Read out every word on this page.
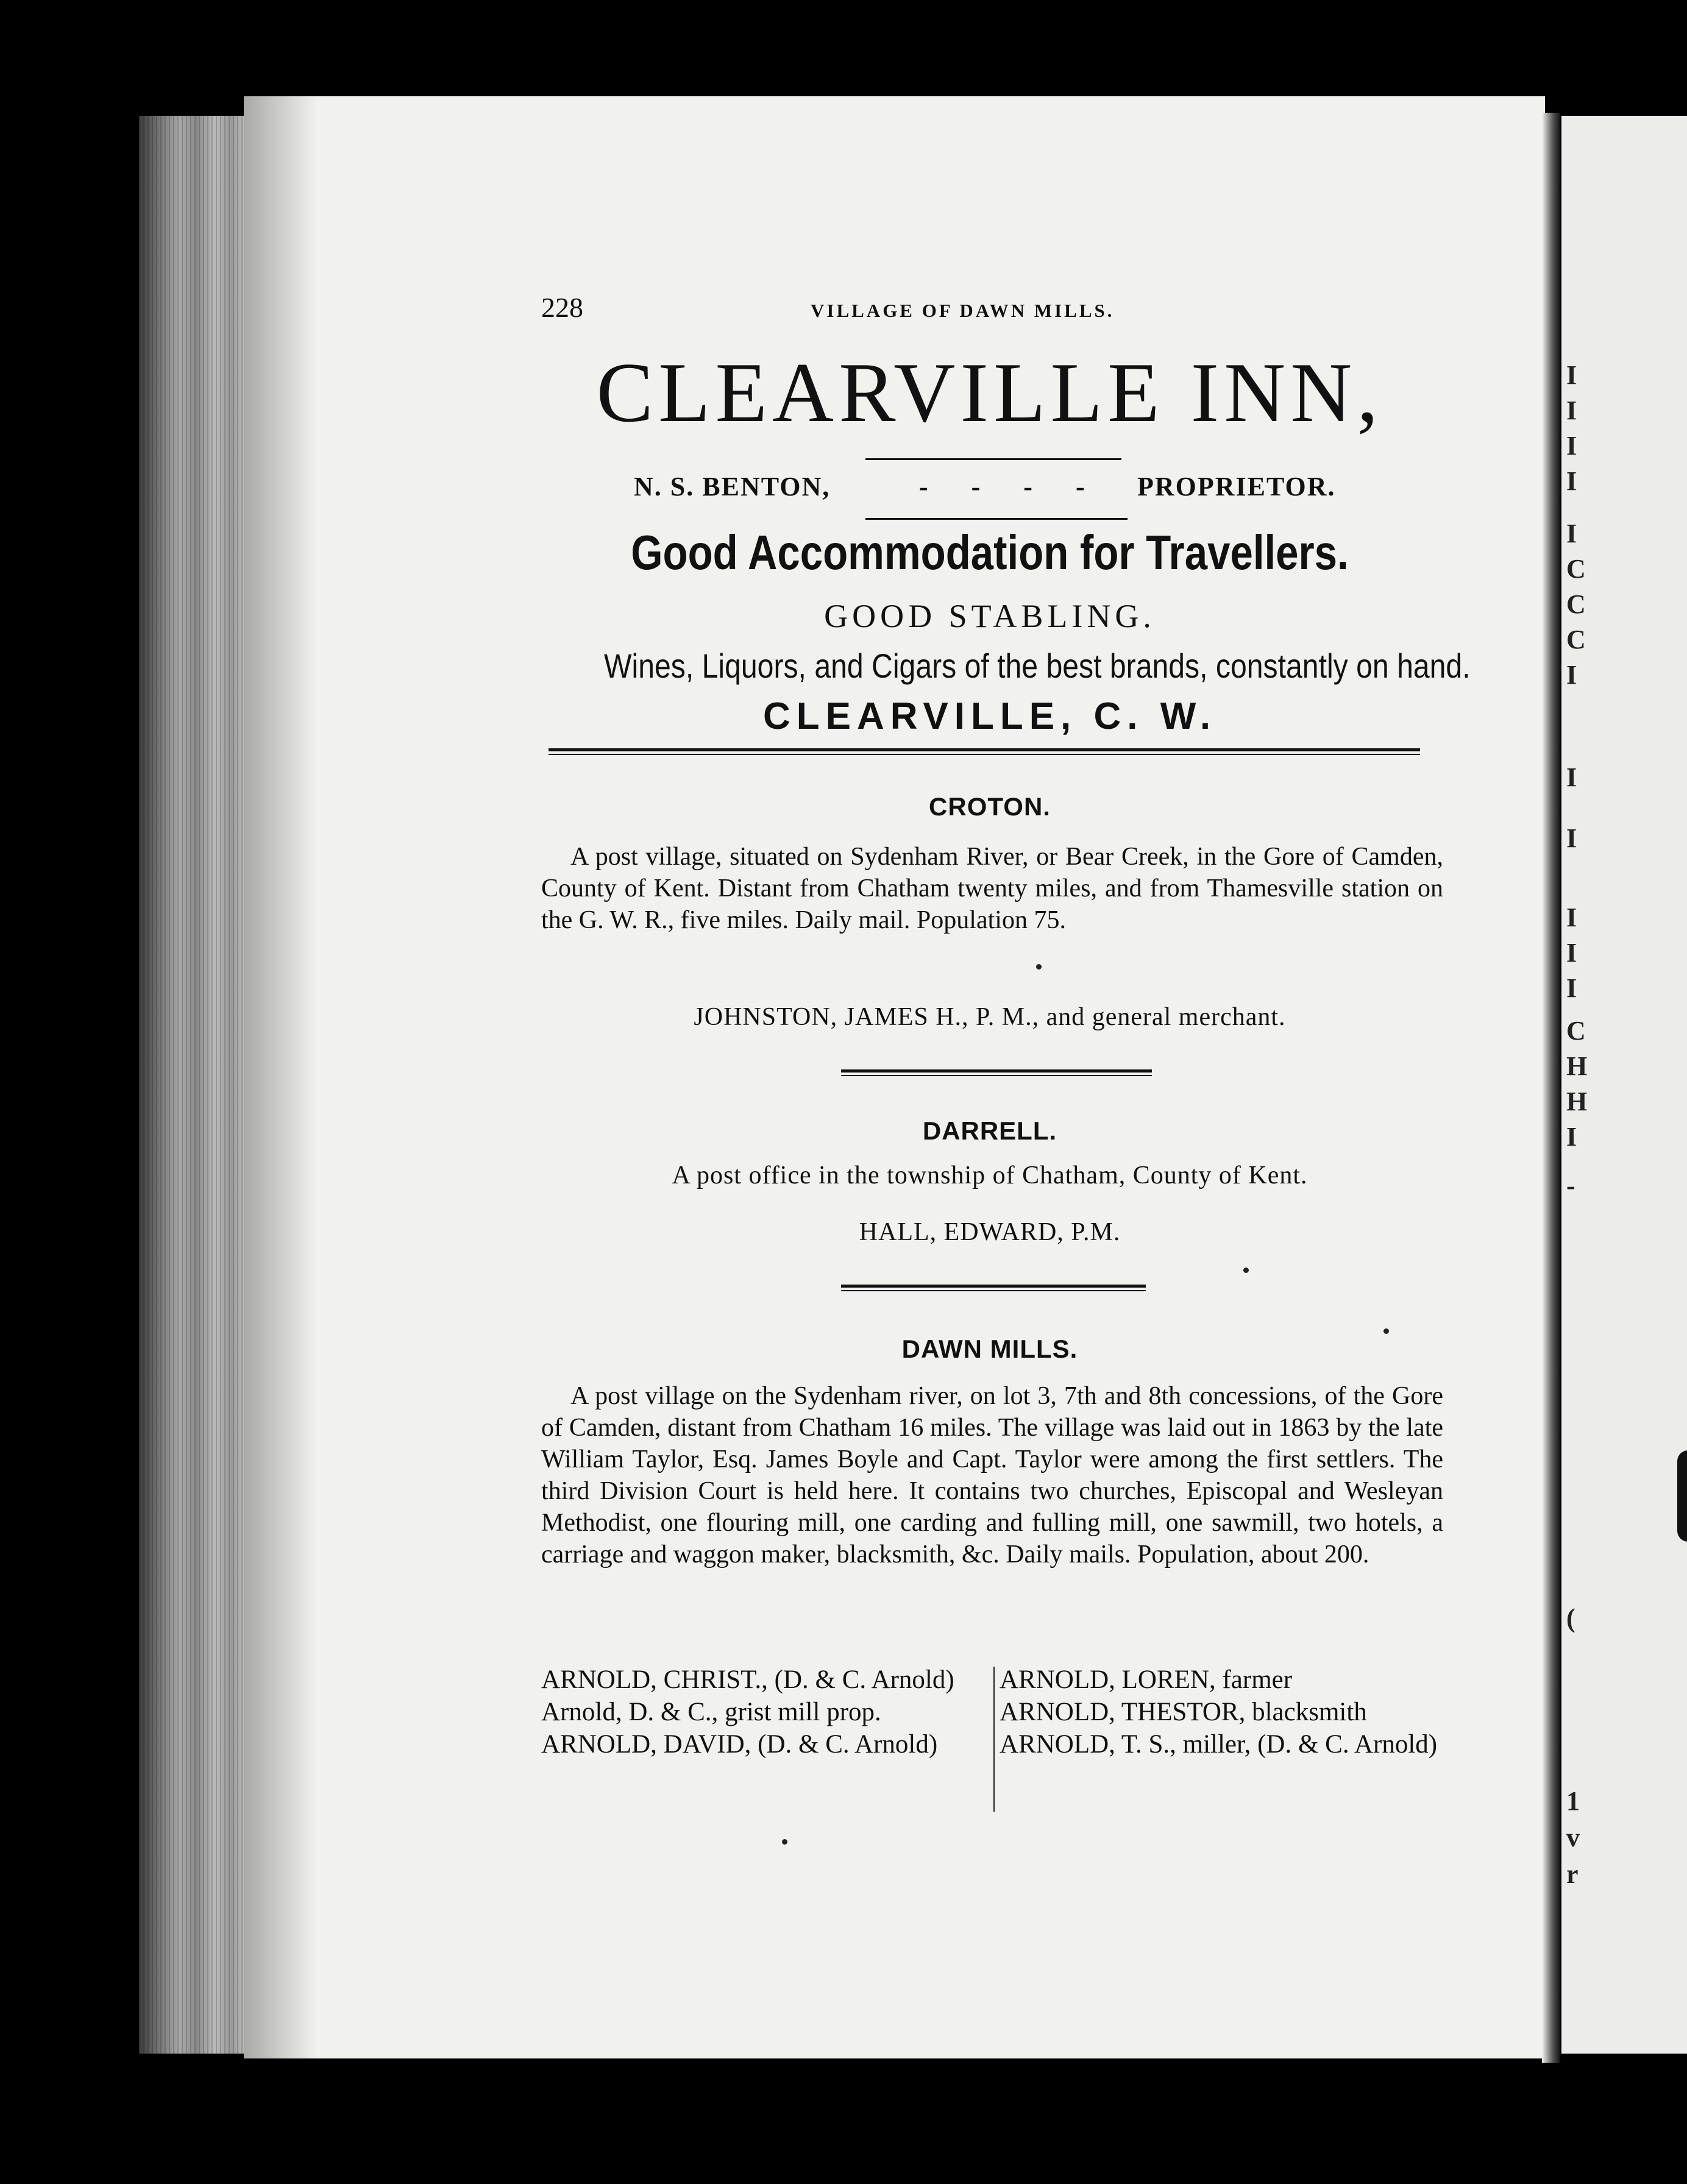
I
I
I
I
I
C
C
C
I
I
I
I
I
I
C
H
H
I
-
(
1
v
r
228	VILLAGE OF DAWN MILLS.
CLEARVILLE INN,
N. S. BENTON,	- - - - PROPRIETOR.
Good Accommodation for Travellers.
GOOD STABLING.
Wines, Liquors, and Cigars of the best brands, constantly on hand.
CLEARVILLE, C. W.
CROTON.
A post village, situated on Sydenham River, or Bear Creek, in the Gore of Camden, County of Kent. Distant from Chatham twenty miles, and from Thamesville station on the G. W. R., five miles. Daily mail. Population 75.
JOHNSTON, JAMES H., P. M., and general merchant.
DARRELL.
A post office in the township of Chatham, County of Kent.
HALL, EDWARD, P.M.
DAWN MILLS.
A post village on the Sydenham river, on lot 3, 7th and 8th concessions, of the Gore of Camden, distant from Chatham 16 miles. The village was laid out in 1863 by the late William Taylor, Esq. James Boyle and Capt. Taylor were among the first settlers. The third Division Court is held here. It contains two churches, Episcopal and Wesleyan Methodist, one flouring mill, one carding and fulling mill, one sawmill, two hotels, a carriage and waggon maker, blacksmith, &c. Daily mails. Population, about 200.
ARNOLD, CHRIST., (D. & C. Arnold)
Arnold, D. & C., grist mill prop.
ARNOLD, DAVID, (D. & C. Arnold)
ARNOLD, LOREN, farmer
ARNOLD, THESTOR, blacksmith
ARNOLD, T. S., miller, (D. & C. Arnold)
